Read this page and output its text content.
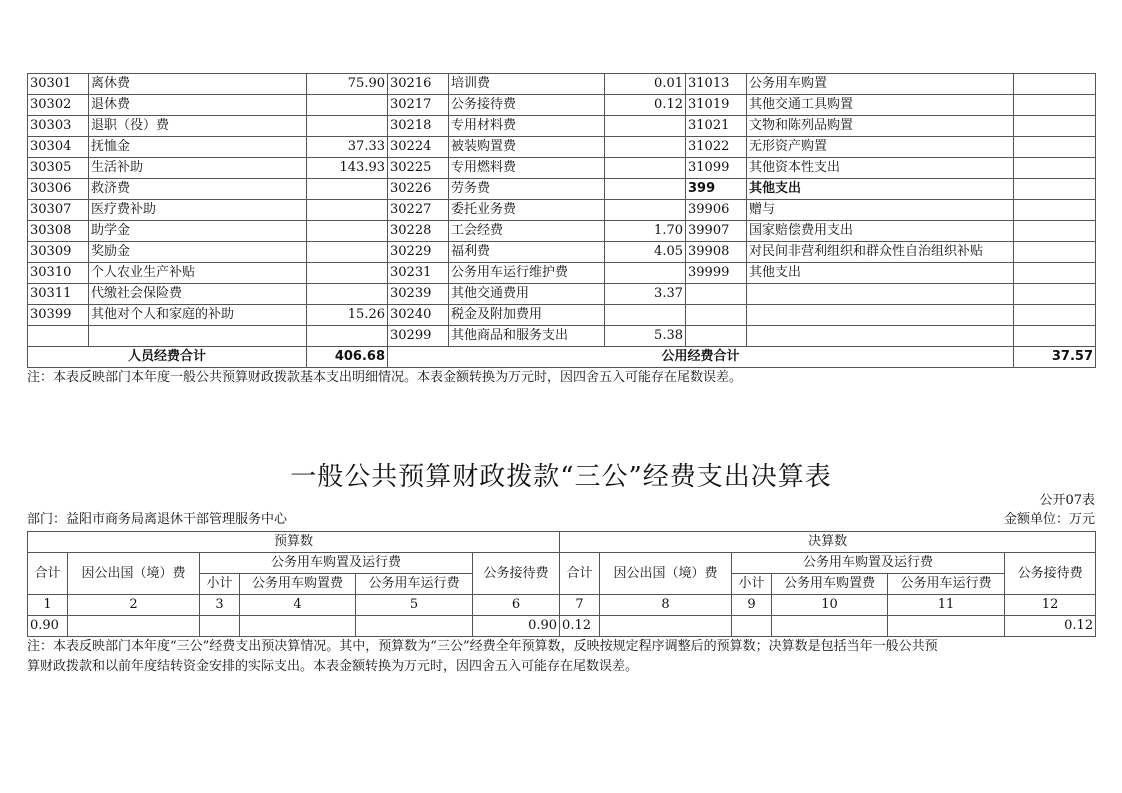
30301	离休费	75.90	30216	培训费	0.01	31013	公务用车购置	
30302	退休费		30217	公务接待费	0.12	31019	其他交通工具购置	
30303	退职（役）费		30218	专用材料费		31021	文物和陈列品购置	
30304	抚恤金	37.33	30224	被装购置费		31022	无形资产购置	
30305	生活补助	143.93	30225	专用燃料费		31099	其他资本性支出	
30306	救济费		30226	劳务费		399	其他支出	
30307	医疗费补助		30227	委托业务费		39906	赠与	
30308	助学金		30228	工会经费	1.70	39907	国家赔偿费用支出	
30309	奖励金		30229	福利费	4.05	39908	对民间非营利组织和群众性自治组织补贴	
30310	个人农业生产补贴		30231	公务用车运行维护费		39999	其他支出	
30311	代缴社会保险费		30239	其他交通费用	3.37			
30399	其他对个人和家庭的补助	15.26	30240	税金及附加费用				
			30299	其他商品和服务支出	5.38			
人员经费合计		406.68	公用经费合计					37.57
注：本表反映部门本年度一般公共预算财政拨款基本支出明细情况。本表金额转换为万元时，因四舍五入可能存在尾数误差。
一般公共预算财政拨款“三公”经费支出决算表
公开07表
部门：益阳市商务局离退休干部管理服务中心	金额单位：万元
预算数						决算数					
合计	因公出国（境）费	公务用车购置及运行费			公务接待费	合计	因公出国（境）费	公务用车购置及运行费			公务接待费
		小计	公务用车购置费	公务用车运行费				小计	公务用车购置费	公务用车运行费	
1	2	3	4	5	6	7	8	9	10	11	12
0.90					0.90	0.12					0.12
注：本表反映部门本年度“三公”经费支出预决算情况。其中，预算数为“三公”经费全年预算数，反映按规定程序调整后的预算数；决算数是包括当年一般公共预
算财政拨款和以前年度结转资金安排的实际支出。本表金额转换为万元时，因四舍五入可能存在尾数误差。
